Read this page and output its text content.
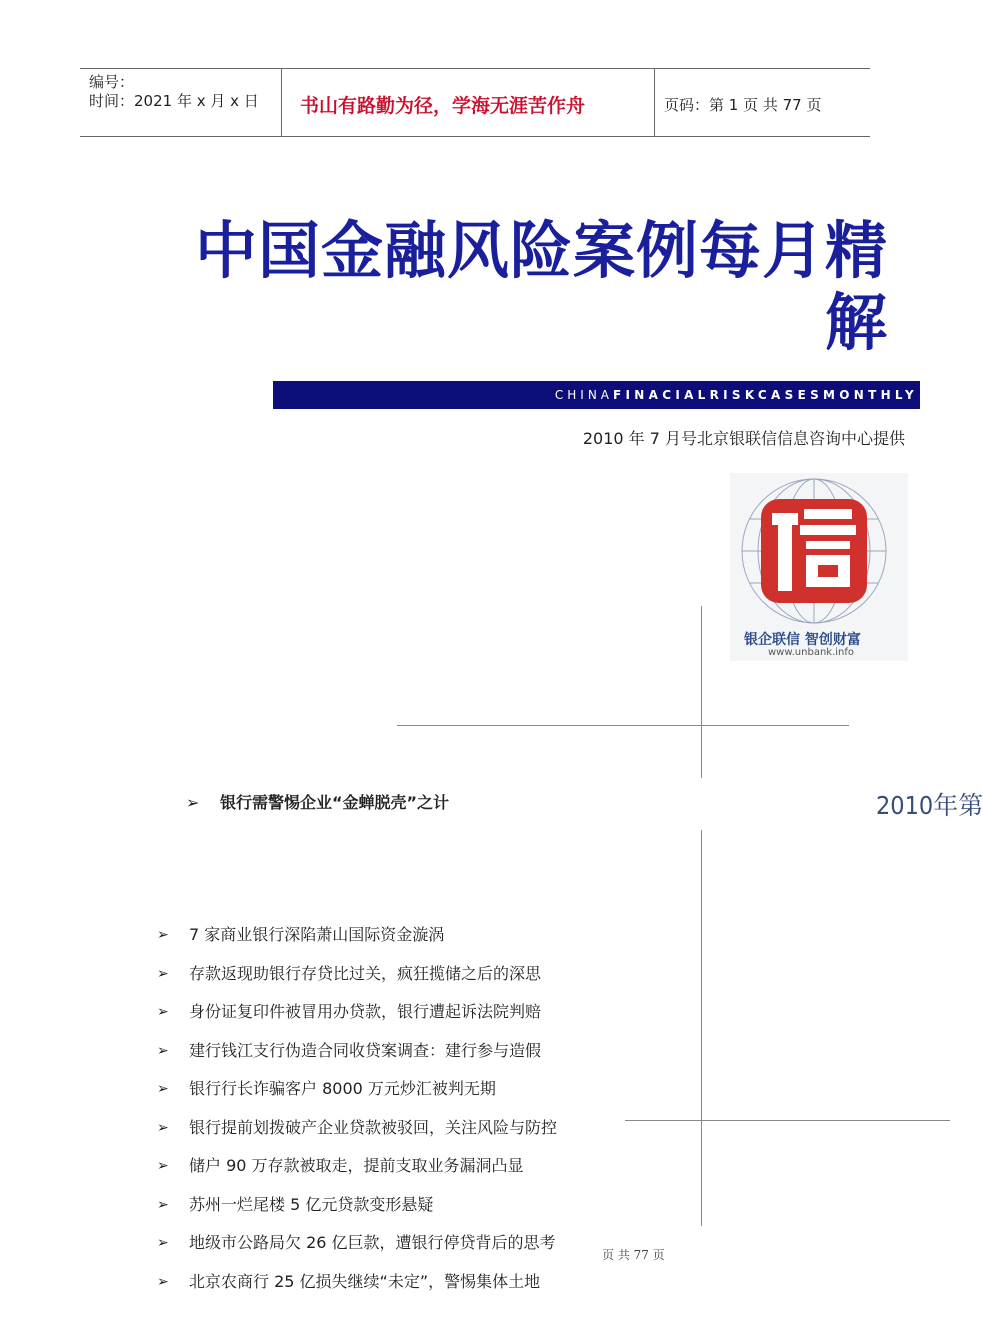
编号：
时间：2021 年 x 月 x 日 书山有路勤为径，学海无涯苦作舟	页码：第 1 页 共 77 页
中国金融风险案例每月精
解
CHINAFINACIALRISKCASESMONTHLY
2010 年 7 月号北京银联信信息咨询中心提供
银企联信 智创财富
www.unbank.info
2010年第
➢ 银行需警惕企业“金蝉脱壳”之计
➢ 7 家商业银行深陷萧山国际资金漩涡
➢ 存款返现助银行存贷比过关，疯狂揽储之后的深思
➢ 身份证复印件被冒用办贷款，银行遭起诉法院判赔
➢ 建行钱江支行伪造合同收贷案调查：建行参与造假
➢ 银行行长诈骗客户 8000 万元炒汇被判无期
➢ 银行提前划拨破产企业贷款被驳回，关注风险与防控
➢ 储户 90 万存款被取走，提前支取业务漏洞凸显
➢ 苏州一烂尾楼 5 亿元贷款变形悬疑
➢ 地级市公路局欠 26 亿巨款，遭银行停贷背后的思考
➢ 北京农商行 25 亿损失继续“未定”，警惕集体土地
页 共 77 页
